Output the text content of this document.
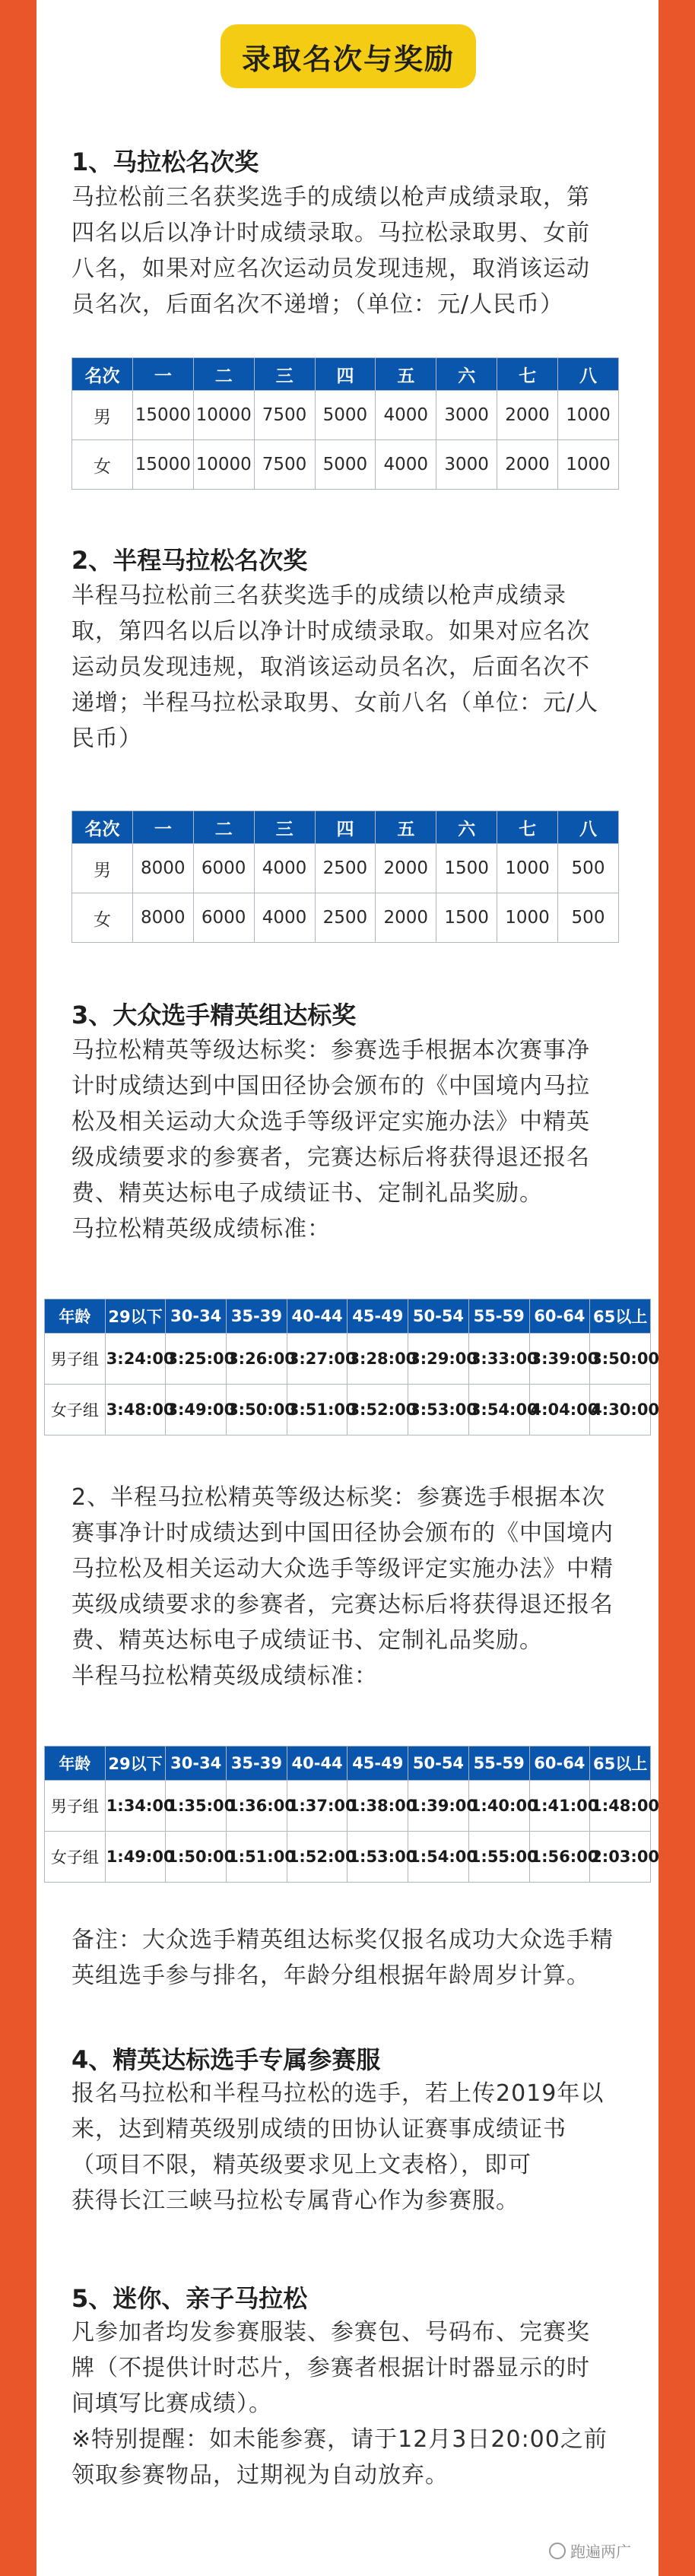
录取名次与奖励
1、马拉松名次奖
马拉松前三名获奖选手的成绩以枪声成绩录取，第
四名以后以净计时成绩录取。马拉松录取男、女前
八名，如果对应名次运动员发现违规，取消该运动
员名次，后面名次不递增；（单位：元/人民币）
名次	一	二	三	四	五	六	七	八
男	15000	10000	7500	5000	4000	3000	2000	1000
女	15000	10000	7500	5000	4000	3000	2000	1000
2、半程马拉松名次奖
半程马拉松前三名获奖选手的成绩以枪声成绩录
取，第四名以后以净计时成绩录取。如果对应名次
运动员发现违规，取消该运动员名次，后面名次不
递增；半程马拉松录取男、女前八名（单位：元/人
民币）
名次	一	二	三	四	五	六	七	八
男	8000	6000	4000	2500	2000	1500	1000	500
女	8000	6000	4000	2500	2000	1500	1000	500
3、大众选手精英组达标奖
马拉松精英等级达标奖：参赛选手根据本次赛事净
计时成绩达到中国田径协会颁布的《中国境内马拉
松及相关运动大众选手等级评定实施办法》中精英
级成绩要求的参赛者，完赛达标后将获得退还报名
费、精英达标电子成绩证书、定制礼品奖励。
马拉松精英级成绩标准：
年龄	29以下	30-34	35-39	40-44	45-49	50-54	55-59	60-64	65以上
男子组	3:24:00	3:25:00	3:26:00	3:27:00	3:28:00	3:29:00	3:33:00	3:39:00	3:50:00
女子组	3:48:00	3:49:00	3:50:00	3:51:00	3:52:00	3:53:00	3:54:00	4:04:00	4:30:00
2、半程马拉松精英等级达标奖：参赛选手根据本次
赛事净计时成绩达到中国田径协会颁布的《中国境内
马拉松及相关运动大众选手等级评定实施办法》中精
英级成绩要求的参赛者，完赛达标后将获得退还报名
费、精英达标电子成绩证书、定制礼品奖励。
半程马拉松精英级成绩标准：
年龄	29以下	30-34	35-39	40-44	45-49	50-54	55-59	60-64	65以上
男子组	1:34:00	1:35:00	1:36:00	1:37:00	1:38:00	1:39:00	1:40:00	1:41:00	1:48:00
女子组	1:49:00	1:50:00	1:51:00	1:52:00	1:53:00	1:54:00	1:55:00	1:56:00	2:03:00
备注：大众选手精英组达标奖仅报名成功大众选手精
英组选手参与排名，年龄分组根据年龄周岁计算。
4、精英达标选手专属参赛服
报名马拉松和半程马拉松的选手，若上传2019年以
来，达到精英级别成绩的田协认证赛事成绩证书
（项目不限，精英级要求见上文表格），即可
获得长江三峡马拉松专属背心作为参赛服。
5、迷你、亲子马拉松
凡参加者均发参赛服装、参赛包、号码布、完赛奖
牌（不提供计时芯片，参赛者根据计时器显示的时
间填写比赛成绩）。
※特别提醒：如未能参赛，请于12月3日20:00之前
领取参赛物品，过期视为自动放弃。
跑遍两广
